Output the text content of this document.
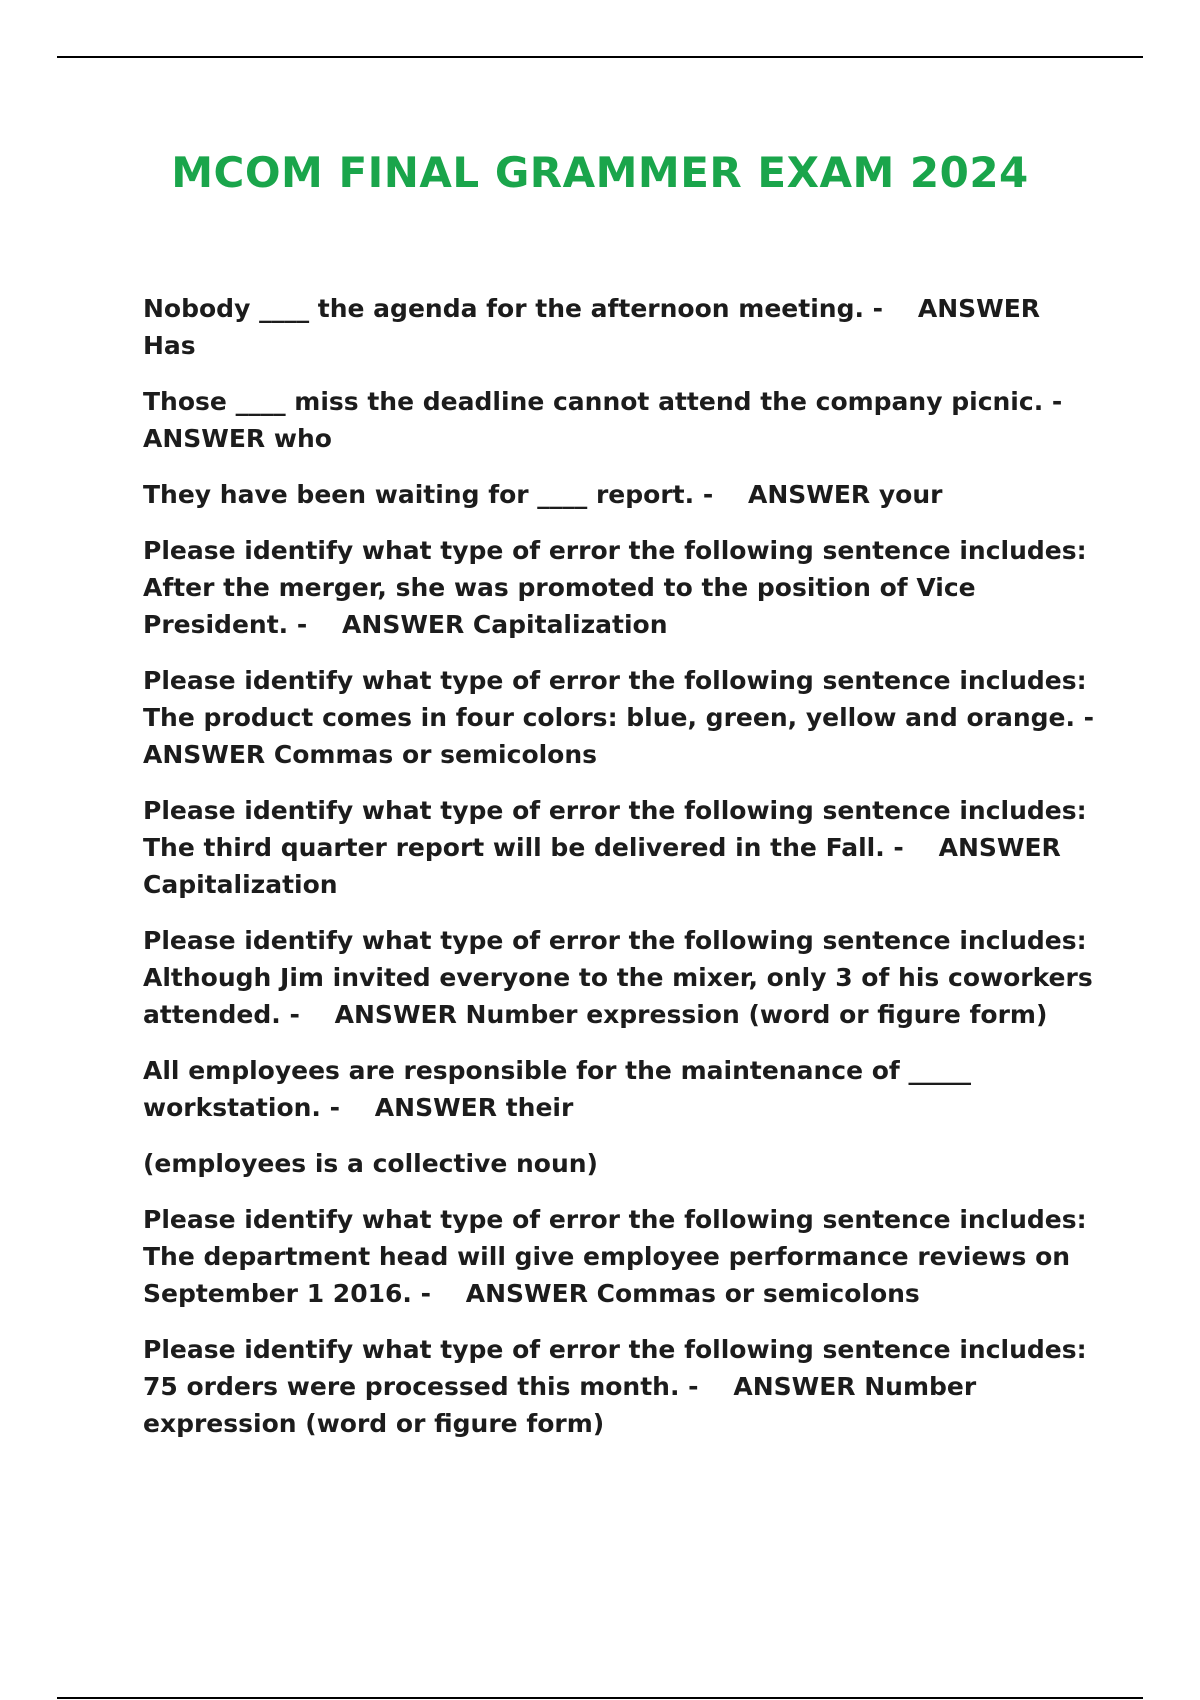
MCOM FINAL GRAMMER EXAM 2024

Nobody ____ the agenda for the afternoon meeting. -    ANSWER Has

Those ____ miss the deadline cannot attend the company picnic. - ANSWER who

They have been waiting for ____ report. -    ANSWER your

Please identify what type of error the following sentence includes: After the merger, she was promoted to the position of Vice President. -    ANSWER Capitalization

Please identify what type of error the following sentence includes: The product comes in four colors: blue, green, yellow and orange. - ANSWER Commas or semicolons

Please identify what type of error the following sentence includes: The third quarter report will be delivered in the Fall. -    ANSWER Capitalization

Please identify what type of error the following sentence includes: Although Jim invited everyone to the mixer, only 3 of his coworkers attended. -    ANSWER Number expression (word or figure form)

All employees are responsible for the maintenance of _____ workstation. -    ANSWER their

(employees is a collective noun)

Please identify what type of error the following sentence includes: The department head will give employee performance reviews on September 1 2016. -    ANSWER Commas or semicolons

Please identify what type of error the following sentence includes: 75 orders were processed this month. -    ANSWER Number expression (word or figure form)
